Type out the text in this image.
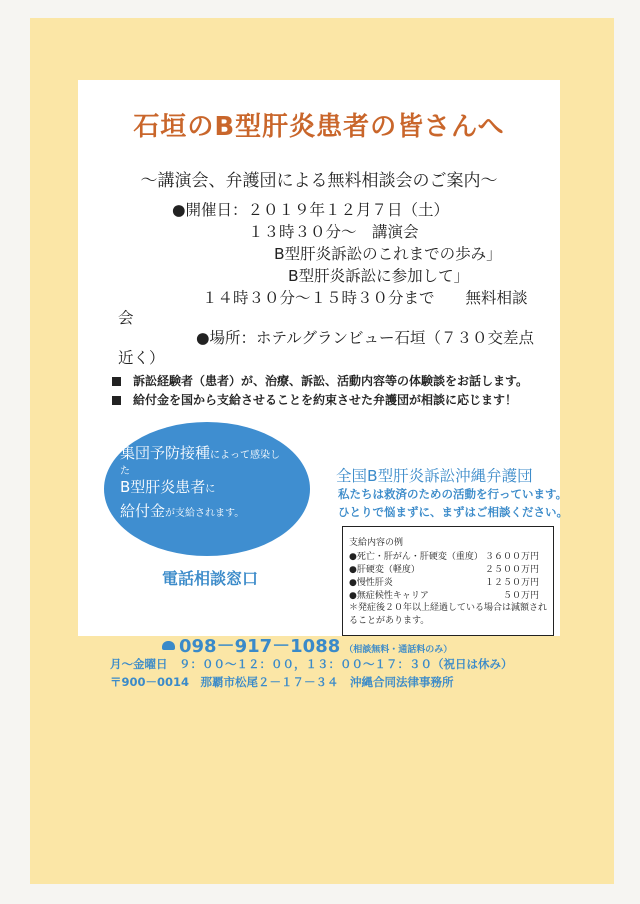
石垣のB型肝炎患者の皆さんへ
～講演会、弁護団による無料相談会のご案内～
●開催日：２０１９年１２月７日（土）
１３時３０分～　講演会
B型肝炎訴訟のこれまでの歩み」
B型肝炎訴訟に参加して」
１４時３０分～１５時３０分まで　　無料相談
会
●場所：ホテルグランビュー石垣（７３０交差点
近く）
訴訟経験者（患者）が、治療、訴訟、活動内容等の体験談をお話します。
給付金を国から支給させることを約束させた弁護団が相談に応じます！
集団予防接種によって感染し
た
B型肝炎患者に
給付金が支給されます。
電話相談窓口
全国B型肝炎訴訟沖縄弁護団
私たちは救済のための活動を行っています。
ひとりで悩まずに、まずはご相談ください。
支給内容の例
●死亡・肝がん・肝硬変（重度） ３６００万円
●肝硬変（軽度）	２５００万円
●慢性肝炎	１２５０万円
●無症候性キャリア	５０万円
＊発症後２０年以上経過している場合は減額され
ることがあります。
098－917－1088 （相談無料・通話料のみ）
月～金曜日　９：００～１２：００，１３：００～１７：３０（祝日は休み）
〒900－0014　那覇市松尾２－１７－３４　沖縄合同法律事務所
